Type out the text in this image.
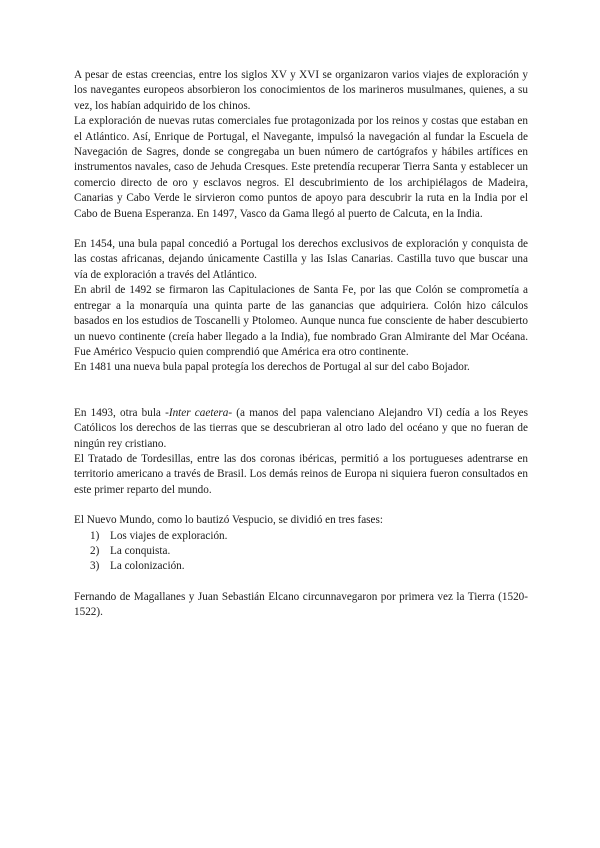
A pesar de estas creencias, entre los siglos XV y XVI se organizaron varios viajes de exploración y los navegantes europeos absorbieron los conocimientos de los marineros musulmanes, quienes, a su vez, los habían adquirido de los chinos.

La exploración de nuevas rutas comerciales fue protagonizada por los reinos y costas que estaban en el Atlántico. Así, Enrique de Portugal, el Navegante, impulsó la navegación al fundar la Escuela de Navegación de Sagres, donde se congregaba un buen número de cartógrafos y hábiles artífices en instrumentos navales, caso de Jehuda Cresques. Este pretendía recuperar Tierra Santa y establecer un comercio directo de oro y esclavos negros. El descubrimiento de los archipiélagos de Madeira, Canarias y Cabo Verde le sirvieron como puntos de apoyo para descubrir la ruta en la India por el Cabo de Buena Esperanza. En 1497, Vasco da Gama llegó al puerto de Calcuta, en la India.

En 1454, una bula papal concedió a Portugal los derechos exclusivos de exploración y conquista de las costas africanas, dejando únicamente Castilla y las Islas Canarias. Castilla tuvo que buscar una vía de exploración a través del Atlántico.

En abril de 1492 se firmaron las Capitulaciones de Santa Fe, por las que Colón se comprometía a entregar a la monarquía una quinta parte de las ganancias que adquiriera. Colón hizo cálculos basados en los estudios de Toscanelli y Ptolomeo. Aunque nunca fue consciente de haber descubierto un nuevo continente (creía haber llegado a la India), fue nombrado Gran Almirante del Mar Océana. Fue Américo Vespucio quien comprendió que América era otro continente.

En 1481 una nueva bula papal protegía los derechos de Portugal al sur del cabo Bojador.

En 1493, otra bula -Inter caetera- (a manos del papa valenciano Alejandro VI) cedía a los Reyes Católicos los derechos de las tierras que se descubrieran al otro lado del océano y que no fueran de ningún rey cristiano.

El Tratado de Tordesillas, entre las dos coronas ibéricas, permitió a los portugueses adentrarse en territorio americano a través de Brasil. Los demás reinos de Europa ni siquiera fueron consultados en este primer reparto del mundo.

El Nuevo Mundo, como lo bautizó Vespucio, se dividió en tres fases:

1) Los viajes de exploración.
2) La conquista.
3) La colonización.

Fernando de Magallanes y Juan Sebastián Elcano circunnavegaron por primera vez la Tierra (1520-1522).
